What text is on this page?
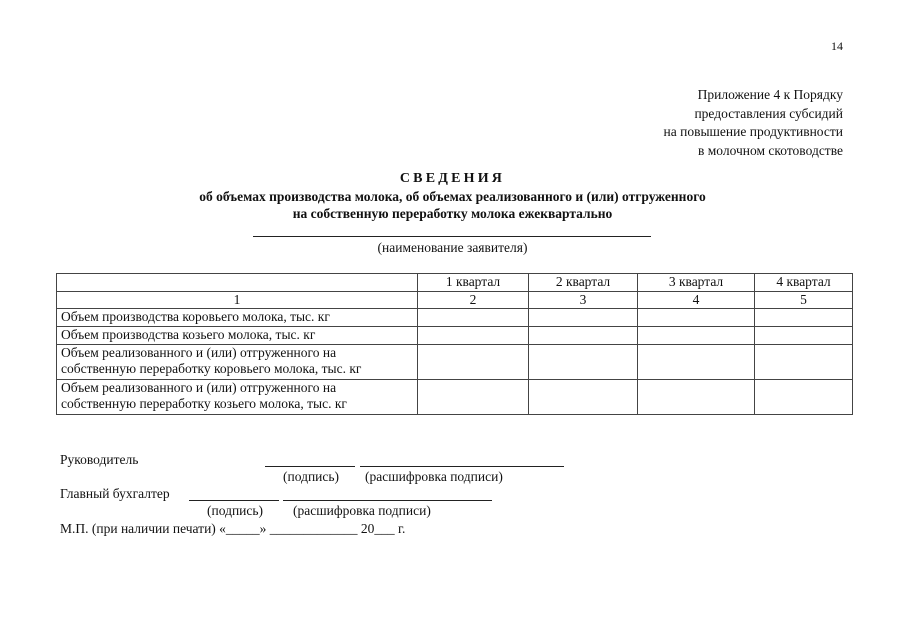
14
Приложение 4 к Порядку
предоставления субсидий
на повышение продуктивности
в молочном скотоводстве
СВЕДЕНИЯ
об объемах производства молока, об объемах реализованного и (или) отгруженного
на собственную переработку молока ежеквартально
(наименование заявителя)
	1 квартал	2 квартал	3 квартал	4 квартал
1	2	3	4	5
Объем производства коровьего молока, тыс. кг				
Объем производства козьего молока, тыс. кг				
Объем реализованного и (или) отгруженного на собственную переработку коровьего молока, тыс. кг				
Объем реализованного и (или) отгруженного на собственную переработку козьего молока, тыс. кг				
Руководитель
(подпись) (расшифровка подписи)
Главный бухгалтер
(подпись) (расшифровка подписи)
М.П. (при наличии печати) «_____» _____________ 20___ г.
